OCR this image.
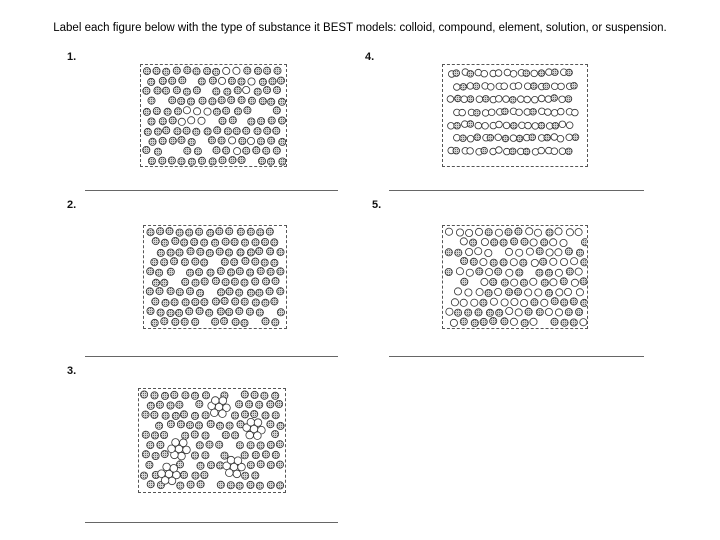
Label each figure below with the type of substance it BEST models: colloid, compound, element, solution, or suspension.
1.
2.
3.
4.
5.
